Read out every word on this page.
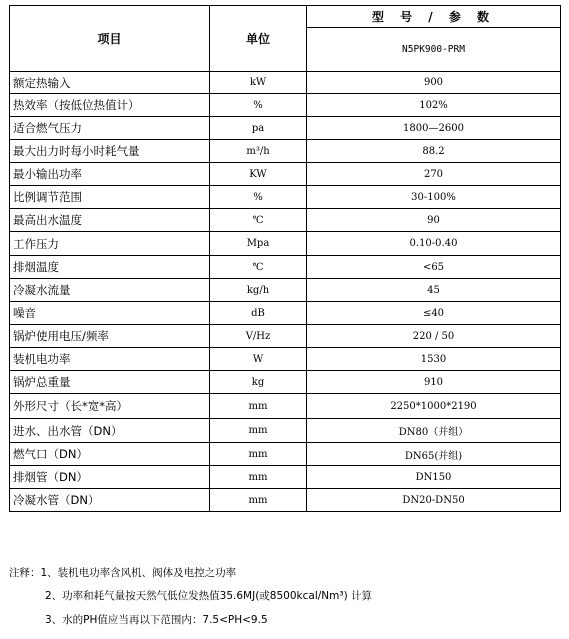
项目	单位	型 号 / 参 数
		N5PK900-PRM
额定热输入	kW	900
热效率（按低位热值计）	%	102%
适合燃气压力	pa	1800—2600
最大出力时每小时耗气量	m³/h	88.2
最小输出功率	KW	270
比例调节范围	%	30-100%
最高出水温度	℃	90
工作压力	Mpa	0.10-0.40
排烟温度	℃	<65
冷凝水流量	kg/h	45
噪音	dB	≤40
锅炉使用电压/频率	V/Hz	220 / 50
装机电功率	W	1530
锅炉总重量	kg	910
外形尺寸（长*宽*高）	mm	2250*1000*2190
进水、出水管（DN）	mm	DN80（并组）
燃气口（DN）	mm	DN65(并组)
排烟管（DN）	mm	DN150
冷凝水管（DN）	mm	DN20-DN50
注释：1、装机电功率含风机、阀体及电控之功率
2、功率和耗气量按天然气低位发热值35.6MJ(或8500kcal/Nm³) 计算
3、水的PH值应当再以下范围内：7.5<PH<9.5
